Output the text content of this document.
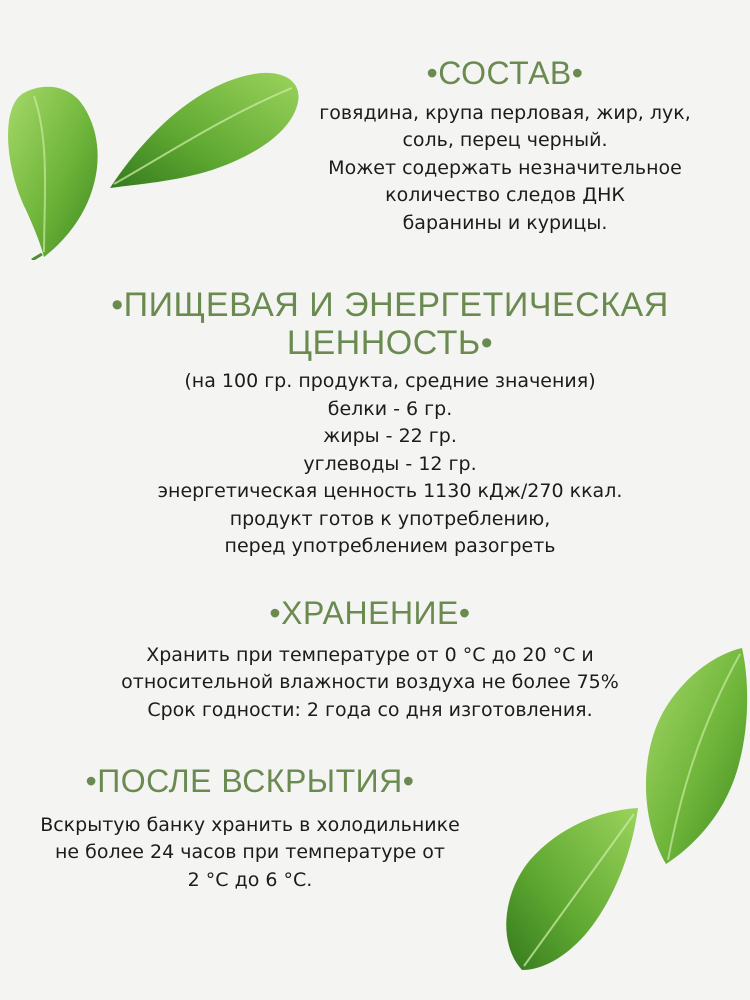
•СОСТАВ•
говядина, крупа перловая, жир, лук,
соль, перец черный.
Может содержать незначительное
количество следов ДНК
баранины и курицы.
•ПИЩЕВАЯ И ЭНЕРГЕТИЧЕСКАЯ
ЦЕННОСТЬ•
(на 100 гр. продукта, средние значения)
белки - 6 гр.
жиры - 22 гр.
углеводы - 12 гр.
энергетическая ценность 1130 кДж/270 ккал.
продукт готов к употреблению,
перед употреблением разогреть
•ХРАНЕНИЕ•
Хранить при температуре от 0 °С до 20 °С и
относительной влажности воздуха не более 75%
Срок годности: 2 года со дня изготовления.
•ПОСЛЕ ВСКРЫТИЯ•
Вскрытую банку хранить в холодильнике
не более 24 часов при температуре от
2 °С до 6 °С.
